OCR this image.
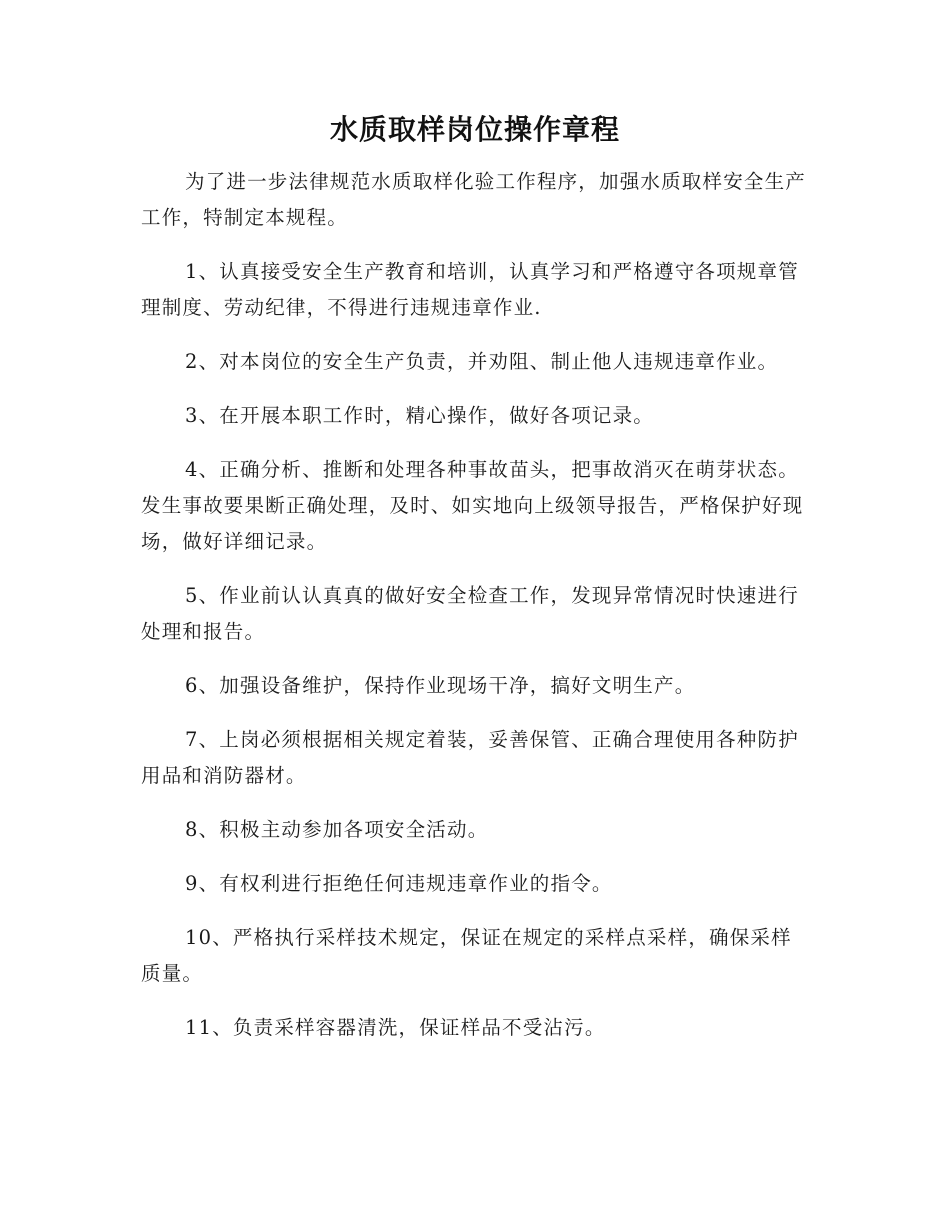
水质取样岗位操作章程

为了进一步法律规范水质取样化验工作程序，加强水质取样安全生产工作，特制定本规程。

1、认真接受安全生产教育和培训，认真学习和严格遵守各项规章管理制度、劳动纪律，不得进行违规违章作业.

2、对本岗位的安全生产负责，并劝阻、制止他人违规违章作业。

3、在开展本职工作时，精心操作，做好各项记录。

4、正确分析、推断和处理各种事故苗头，把事故消灭在萌芽状态。发生事故要果断正确处理，及时、如实地向上级领导报告，严格保护好现场，做好详细记录。

5、作业前认认真真的做好安全检查工作，发现异常情况时快速进行处理和报告。

6、加强设备维护，保持作业现场干净，搞好文明生产。

7、上岗必须根据相关规定着装，妥善保管、正确合理使用各种防护用品和消防器材。

8、积极主动参加各项安全活动。

9、有权利进行拒绝任何违规违章作业的指令。

10、严格执行采样技术规定，保证在规定的采样点采样，确保采样质量。

11、负责采样容器清洗，保证样品不受沾污。
